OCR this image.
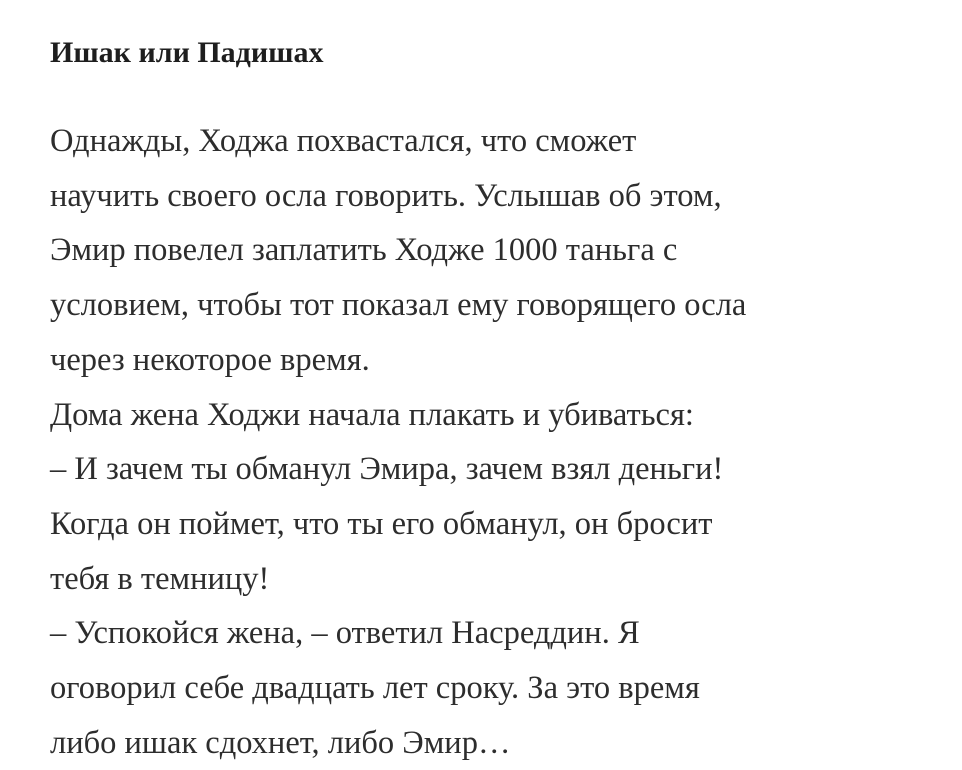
Ишак или Падишах
Однажды, Ходжа похвастался, что сможет
научить своего осла говорить. Услышав об этом,
Эмир повелел заплатить Ходже 1000 таньга с
условием, чтобы тот показал ему говорящего осла
через некоторое время.
Дома жена Ходжи начала плакать и убиваться:
– И зачем ты обманул Эмира, зачем взял деньги!
Когда он поймет, что ты его обманул, он бросит
тебя в темницу!
– Успокойся жена, – ответил Насреддин. Я
оговорил себе двадцать лет сроку. За это время
либо ишак сдохнет, либо Эмир…
